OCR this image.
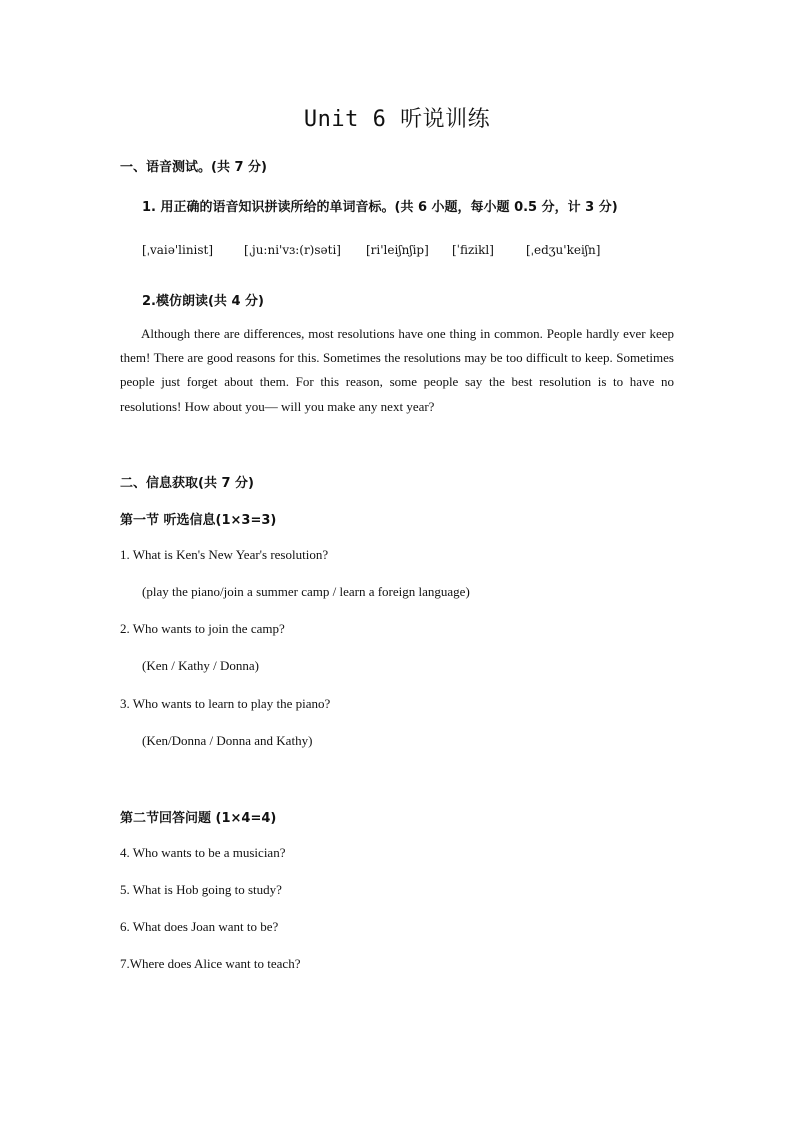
Unit 6 听说训练
一、语音测试。(共 7 分)
1. 用正确的语音知识拼读所给的单词音标。(共 6 小题，每小题 0.5 分，计 3 分)
[ˌvaiə'linist]	[ˌju:ni'vɜ:(r)səti] [ri'leiʃnʃip] [ˈfizikl]	[ˌedʒu'keiʃn]
2.模仿朗读(共 4 分)
Although there are differences, most resolutions have one thing in common. People hardly ever keep them! There are good reasons for this. Sometimes the resolutions may be too difficult to keep. Sometimes people just forget about them. For this reason, some people say the best resolution is to have no resolutions! How about you— will you make any next year?
二、信息获取(共 7 分)
第一节 听选信息(1×3=3)
1. What is Ken's New Year's resolution?
(play the piano/join a summer camp / learn a foreign language)
2. Who wants to join the camp?
(Ken / Kathy / Donna)
3. Who wants to learn to play the piano?
(Ken/Donna / Donna and Kathy)
第二节回答问题 (1×4=4)
4. Who wants to be a musician?
5. What is Hob going to study?
6. What does Joan want to be?
7.Where does Alice want to teach?
